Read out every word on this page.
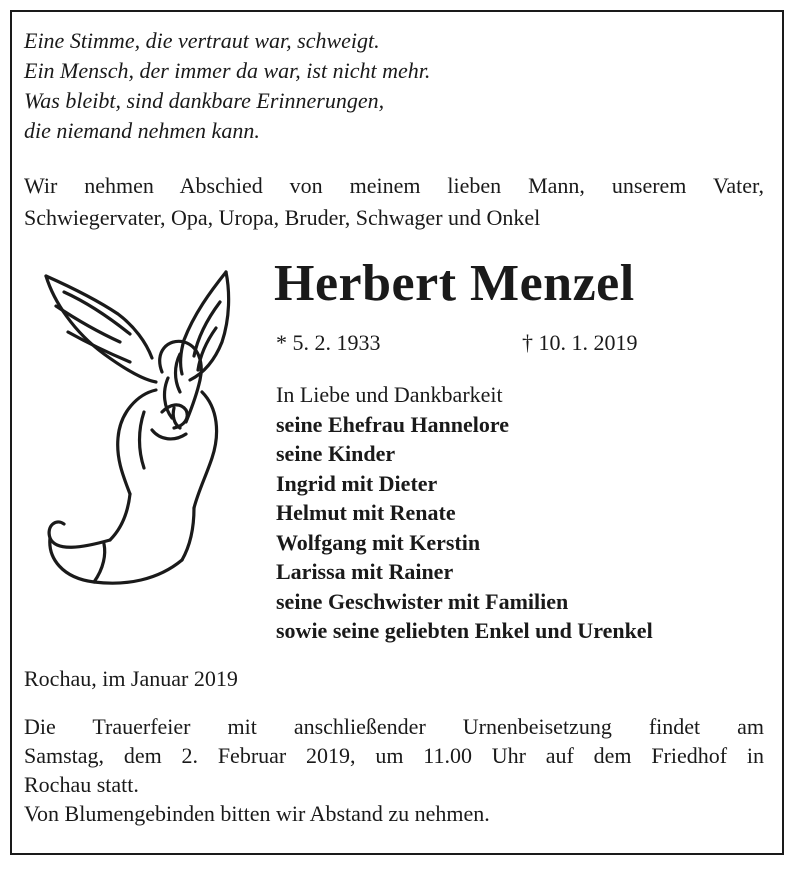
Eine Stimme, die vertraut war, schweigt.
Ein Mensch, der immer da war, ist nicht mehr.
Was bleibt, sind dankbare Erinnerungen,
die niemand nehmen kann.
Wir nehmen Abschied von meinem lieben Mann, unserem Vater,
Schwiegervater, Opa, Uropa, Bruder, Schwager und Onkel
Herbert Menzel
* 5. 2. 1933	† 10. 1. 2019
In Liebe und Dankbarkeit
seine Ehefrau Hannelore
seine Kinder
Ingrid mit Dieter
Helmut mit Renate
Wolfgang mit Kerstin
Larissa mit Rainer
seine Geschwister mit Familien
sowie seine geliebten Enkel und Urenkel
Rochau, im Januar 2019
Die Trauerfeier mit anschließender Urnenbeisetzung findet am
Samstag, dem 2. Februar 2019, um 11.00 Uhr auf dem Friedhof in
Rochau statt.
Von Blumengebinden bitten wir Abstand zu nehmen.
